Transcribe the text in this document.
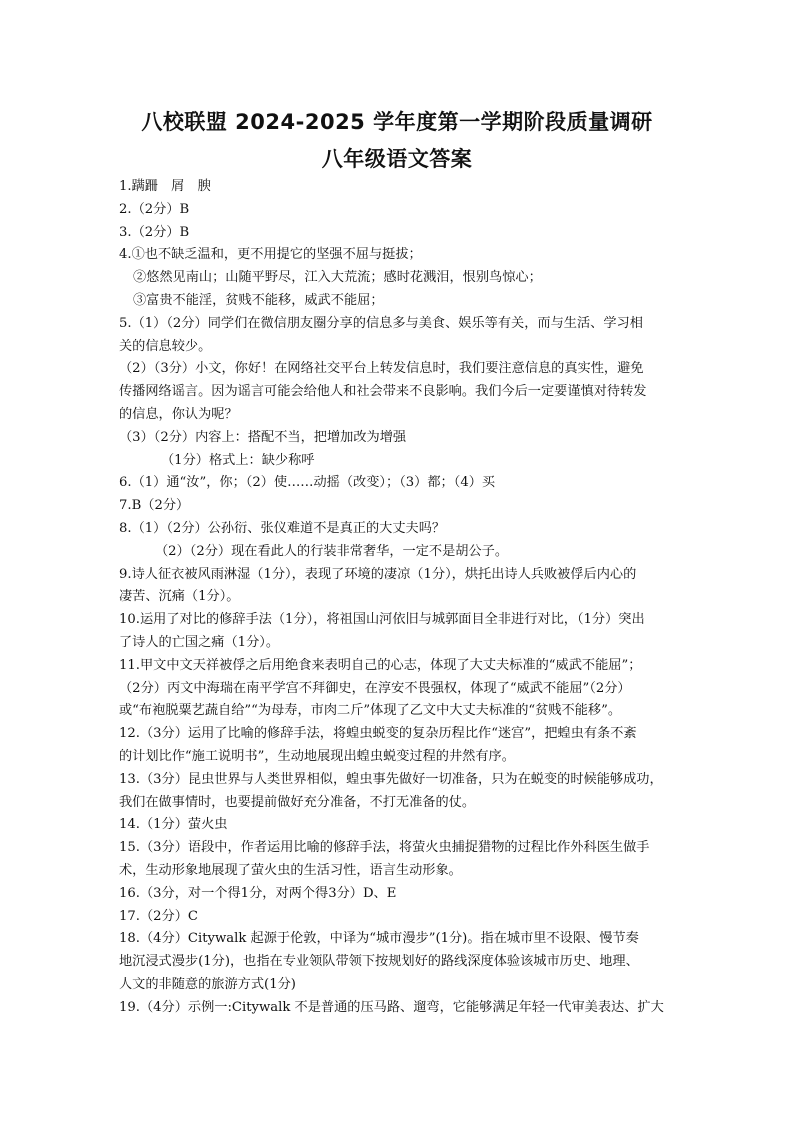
八校联盟 2024-2025 学年度第一学期阶段质量调研
八年级语文答案
1.蹒跚　屑　腴
2.（2分）B
3.（2分）B
4.①也不缺乏温和，更不用提它的坚强不屈与挺拔；
②悠然见南山；山随平野尽，江入大荒流；感时花溅泪，恨别鸟惊心；
③富贵不能淫，贫贱不能移，威武不能屈；
5.（1）（2分）同学们在微信朋友圈分享的信息多与美食、娱乐等有关，而与生活、学习相
关的信息较少。
（2）（3分）小文，你好！在网络社交平台上转发信息时，我们要注意信息的真实性，避免
传播网络谣言。因为谣言可能会给他人和社会带来不良影响。我们今后一定要谨慎对待转发
的信息，你认为呢？
（3）（2分）内容上：搭配不当，把增加改为增强
（1分）格式上：缺少称呼
6.（1）通“汝”，你；（2）使……动摇（改变）；（3）都；（4）买
7.B（2分）
8.（1）（2分）公孙衍、张仪难道不是真正的大丈夫吗？
（2）（2分）现在看此人的行装非常奢华，一定不是胡公子。
9.诗人征衣被风雨淋湿（1分），表现了环境的凄凉（1分），烘托出诗人兵败被俘后内心的
凄苦、沉痛（1分）。
10.运用了对比的修辞手法（1分），将祖国山河依旧与城郭面目全非进行对比，（1分）突出
了诗人的亡国之痛（1分）。
11.甲文中文天祥被俘之后用绝食来表明自己的心志，体现了大丈夫标准的“威武不能屈”；
（2分）丙文中海瑞在南平学宫不拜御史，在淳安不畏强权，体现了“威武不能屈”（2分）
或“布袍脱粟艺蔬自给”“为母寿，市肉二斤”体现了乙文中大丈夫标准的“贫贱不能移”。
12.（3分）运用了比喻的修辞手法，将蝗虫蜕变的复杂历程比作“迷宫”，把蝗虫有条不紊
的计划比作“施工说明书”，生动地展现出蝗虫蜕变过程的井然有序。
13.（3分）昆虫世界与人类世界相似，蝗虫事先做好一切准备，只为在蜕变的时候能够成功，
我们在做事情时，也要提前做好充分准备，不打无准备的仗。
14.（1分）萤火虫
15.（3分）语段中，作者运用比喻的修辞手法，将萤火虫捕捉猎物的过程比作外科医生做手
术，生动形象地展现了萤火虫的生活习性，语言生动形象。
16.（3分，对一个得1分，对两个得3分）D、E
17.（2分）C
18.（4分）Citywalk 起源于伦敦，中译为“城市漫步”(1分)。指在城市里不设限、慢节奏
地沉浸式漫步(1分)，也指在专业领队带领下按规划好的路线深度体验该城市历史、地理、
人文的非随意的旅游方式(1分)
19.（4分）示例一:Citywalk 不是普通的压马路、遛弯，它能够满足年轻一代审美表达、扩大
